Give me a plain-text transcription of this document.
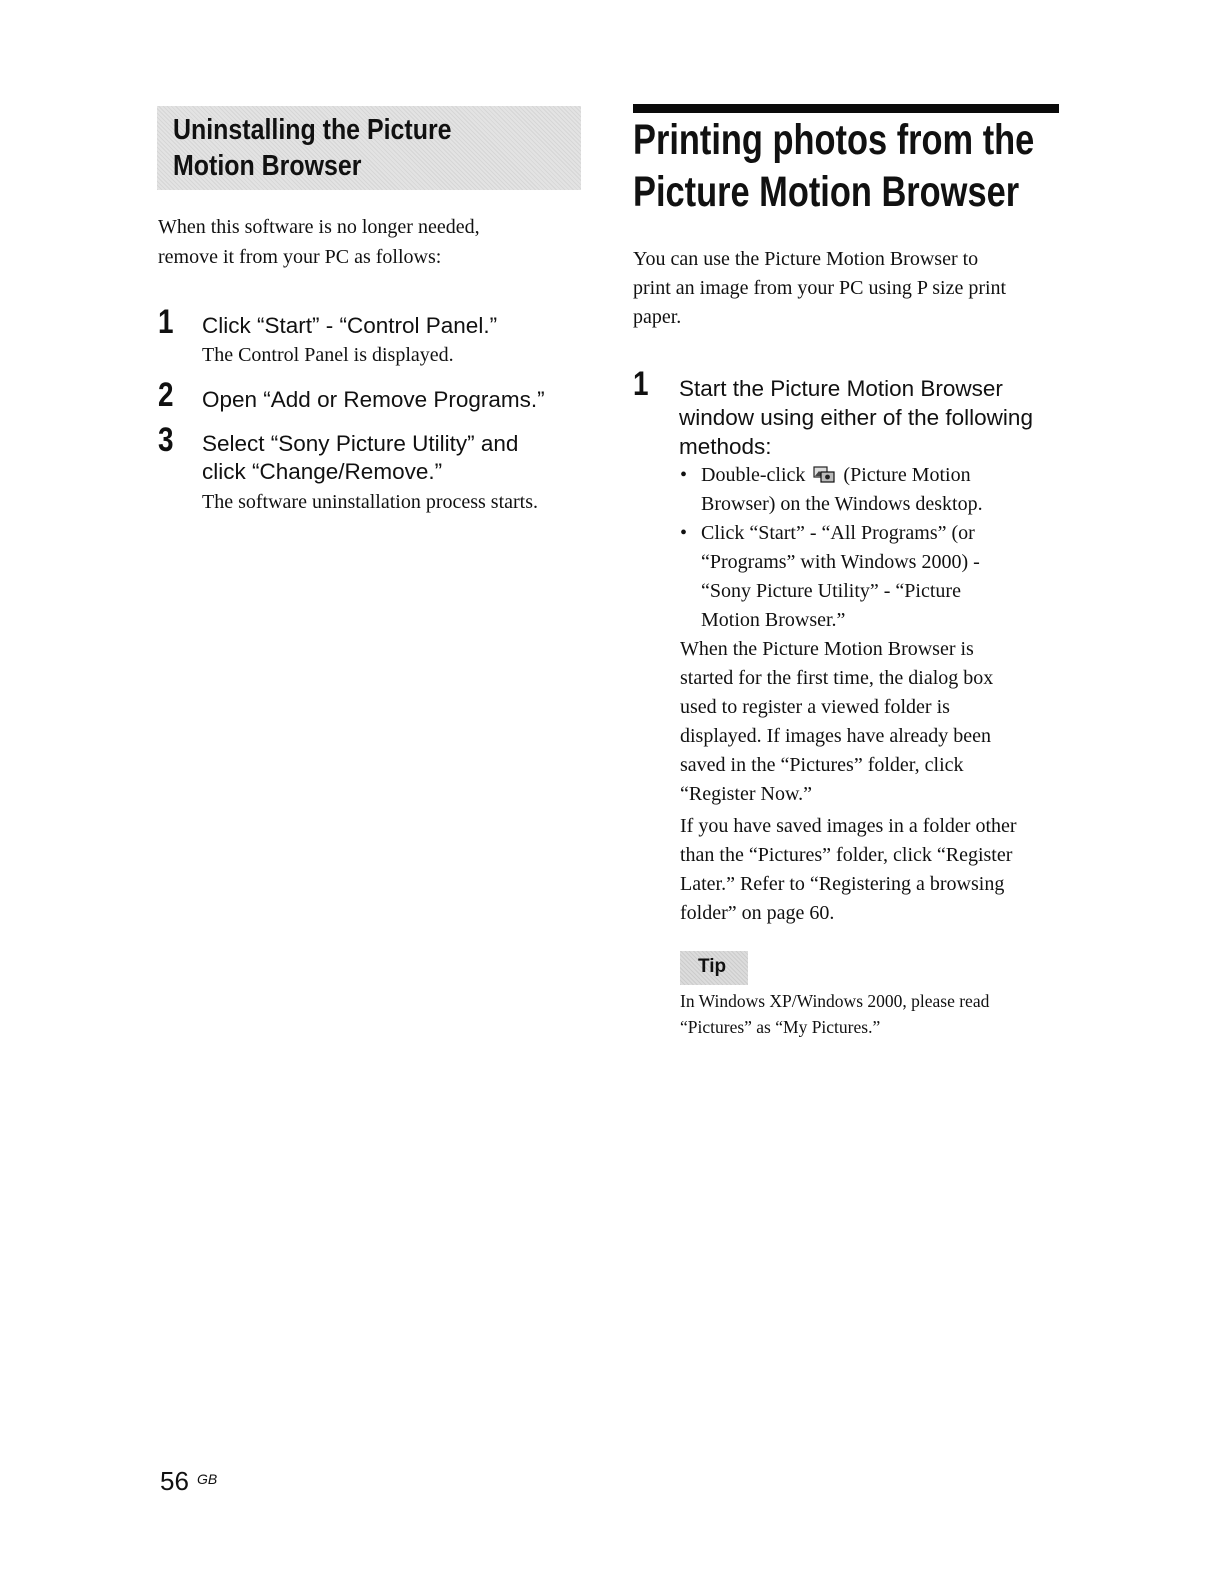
Uninstalling the Picture
Motion Browser

When this software is no longer needed,
remove it from your PC as follows:

1 Click “Start” - “Control Panel.”
The Control Panel is displayed.
2 Open “Add or Remove Programs.”
3 Select “Sony Picture Utility” and
click “Change/Remove.”
The software uninstallation process starts.
Printing photos from the
Picture Motion Browser

You can use the Picture Motion Browser to
print an image from your PC using P size print
paper.

1 Start the Picture Motion Browser
window using either of the following
methods:
• Double-click (Picture Motion
Browser) on the Windows desktop.
• Click “Start” - “All Programs” (or
“Programs” with Windows 2000) -
“Sony Picture Utility” - “Picture
Motion Browser.”

When the Picture Motion Browser is
started for the first time, the dialog box
used to register a viewed folder is
displayed. If images have already been
saved in the “Pictures” folder, click
“Register Now.”

If you have saved images in a folder other
than the “Pictures” folder, click “Register
Later.” Refer to “Registering a browsing
folder” on page 60.

Tip

In Windows XP/Windows 2000, please read
“Pictures” as “My Pictures.”

56 GB
